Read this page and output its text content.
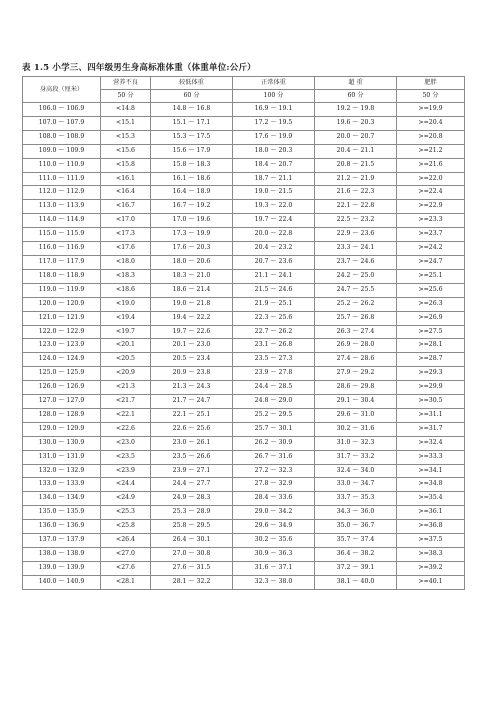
表 1.5 小学三、四年级男生身高标准体重（体重单位:公斤）
身高段（厘米）	营养不良	较低体重	正常体重	超 重	肥胖
	50 分	60 分	100 分	60 分	50 分
106.0 ～ 106.9	<14.8	14.8 ～ 16.8	16.9 ～ 19.1	19.2 ～ 19.8	>=19.9
107.0 ～ 107.9	<15.1	15.1 ～ 17.1	17.2 ～ 19.5	19.6 ～ 20.3	>=20.4
108.0 ～ 108.9	<15.3	15.3 ～ 17.5	17.6 ～ 19.9	20.0 ～ 20.7	>=20.8
109.0 ～ 109.9	<15.6	15.6 ～ 17.9	18.0 ～ 20.3	20.4 ～ 21.1	>=21.2
110.0 ～ 110.9	<15.8	15.8 ～ 18.3	18.4 ～ 20.7	20.8 ～ 21.5	>=21.6
111.0 ～ 111.9	<16.1	16.1 ～ 18.6	18.7 ～ 21.1	21.2 ～ 21.9	>=22.0
112.0 ～ 112.9	<16.4	16.4 ～ 18.9	19.0 ～ 21.5	21.6 ～ 22.3	>=22.4
113.0 ～ 113.9	<16.7	16.7 ～ 19.2	19.3 ～ 22.0	22.1 ～ 22.8	>=22.9
114.0 ～ 114.9	<17.0	17.0 ～ 19.6	19.7 ～ 22.4	22.5 ～ 23.2	>=23.3
115.0 ～ 115.9	<17.3	17.3 ～ 19.9	20.0 ～ 22.8	22.9 ～ 23.6	>=23.7
116.0 ～ 116.9	<17.6	17.6 ～ 20.3	20.4 ～ 23.2	23.3 ～ 24.1	>=24.2
117.0 ～ 117.9	<18.0	18.0 ～ 20.6	20.7 ～ 23.6	23.7 ～ 24.6	>=24.7
118.0 ～ 118.9	<18.3	18.3 ～ 21.0	21.1 ～ 24.1	24.2 ～ 25.0	>=25.1
119.0 ～ 119.9	<18.6	18.6 ～ 21.4	21.5 ～ 24.6	24.7 ～ 25.5	>=25.6
120.0 ～ 120.9	<19.0	19.0 ～ 21.8	21.9 ～ 25.1	25.2 ～ 26.2	>=26.3
121.0 ～ 121.9	<19.4	19.4 ～ 22.2	22.3 ～ 25.6	25.7 ～ 26.8	>=26.9
122.0 ～ 122.9	<19.7	19.7 ～ 22.6	22.7 ～ 26.2	26.3 ～ 27.4	>=27.5
123.0 ～ 123.9	<20.1	20.1 ～ 23.0	23.1 ～ 26.8	26.9 ～ 28.0	>=28.1
124.0 ～ 124.9	<20.5	20.5 ～ 23.4	23.5 ～ 27.3	27.4 ～ 28.6	>=28.7
125.0 ～ 125.9	<20.9	20.9 ～ 23.8	23.9 ～ 27.8	27.9 ～ 29.2	>=29.3
126.0 ～ 126.9	<21.3	21.3 ～ 24.3	24.4 ～ 28.5	28.6 ～ 29.8	>=29.9
127.0 ～ 127.9	<21.7	21.7 ～ 24.7	24.8 ～ 29.0	29.1 ～ 30.4	>=30.5
128.0 ～ 128.9	<22.1	22.1 ～ 25.1	25.2 ～ 29.5	29.6 ～ 31.0	>=31.1
129.0 ～ 129.9	<22.6	22.6 ～ 25.6	25.7 ～ 30.1	30.2 ～ 31.6	>=31.7
130.0 ～ 130.9	<23.0	23.0 ～ 26.1	26.2 ～ 30.9	31.0 ～ 32.3	>=32.4
131.0 ～ 131.9	<23.5	23.5 ～ 26.6	26.7 ～ 31.6	31.7 ～ 33.2	>=33.3
132.0 ～ 132.9	<23.9	23.9 ～ 27.1	27.2 ～ 32.3	32.4 ～ 34.0	>=34.1
133.0 ～ 133.9	<24.4	24.4 ～ 27.7	27.8 ～ 32.9	33.0 ～ 34.7	>=34.8
134.0 ～ 134.9	<24.9	24.9 ～ 28.3	28.4 ～ 33.6	33.7 ～ 35.3	>=35.4
135.0 ～ 135.9	<25.3	25.3 ～ 28.9	29.0 ～ 34.2	34.3 ～ 36.0	>=36.1
136.0 ～ 136.9	<25.8	25.8 ～ 29.5	29.6 ～ 34.9	35.0 ～ 36.7	>=36.8
137.0 ～ 137.9	<26.4	26.4 ～ 30.1	30.2 ～ 35.6	35.7 ～ 37.4	>=37.5
138.0 ～ 138.9	<27.0	27.0 ～ 30.8	30.9 ～ 36.3	36.4 ～ 38.2	>=38.3
139.0 ～ 139.9	<27.6	27.6 ～ 31.5	31.6 ～ 37.1	37.2 ～ 39.1	>=39.2
140.0 ～ 140.9	<28.1	28.1 ～ 32.2	32.3 ～ 38.0	38.1 ～ 40.0	>=40.1
